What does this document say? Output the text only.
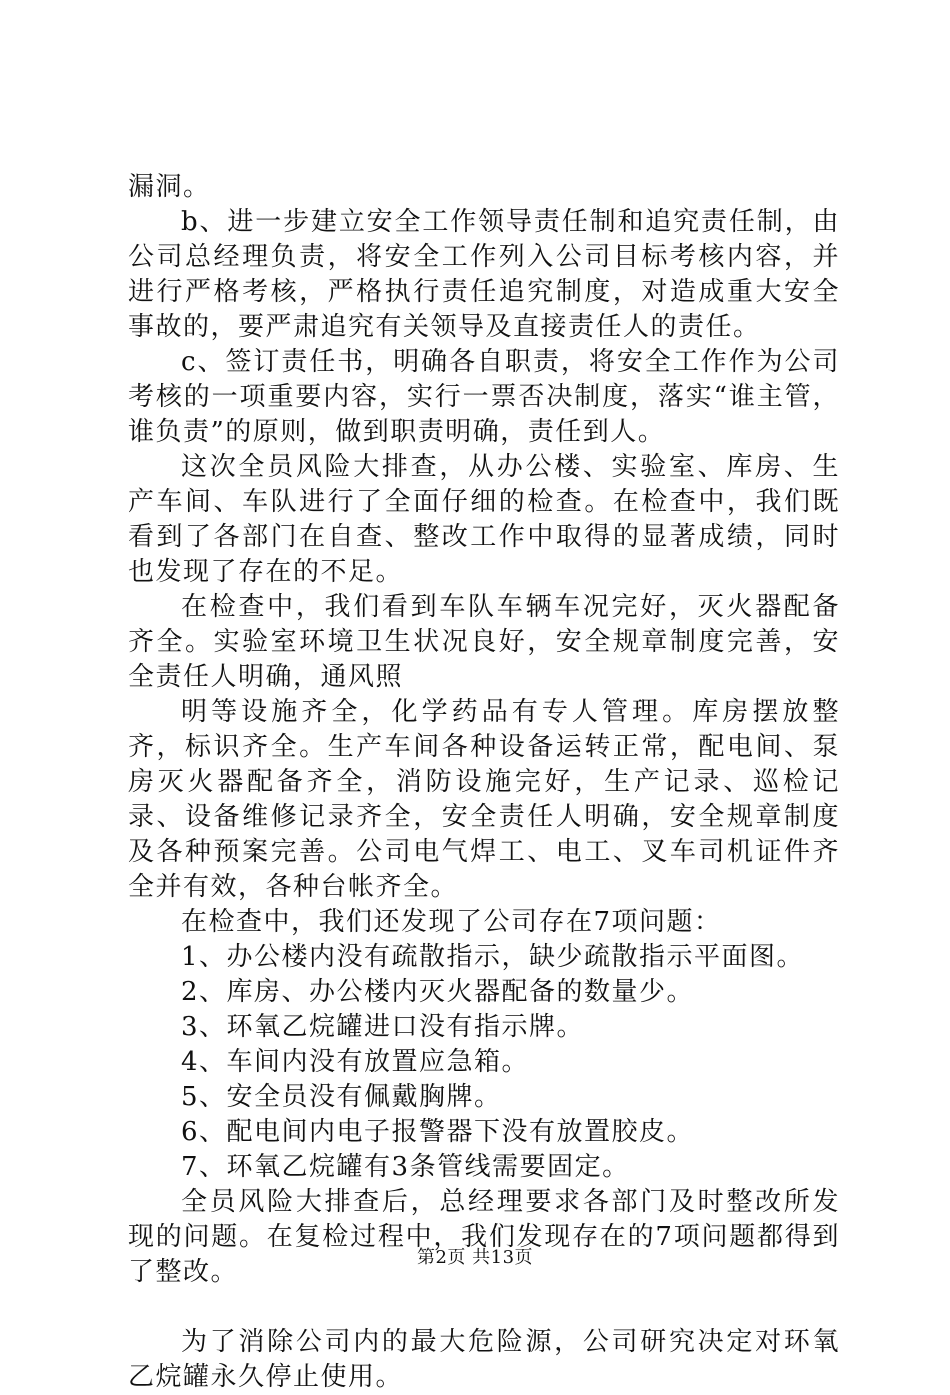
漏洞。

b、进一步建立安全工作领导责任制和追究责任制，由公司总经理负责，将安全工作列入公司目标考核内容，并进行严格考核，严格执行责任追究制度，对造成重大安全事故的，要严肃追究有关领导及直接责任人的责任。

c、签订责任书，明确各自职责，将安全工作作为公司考核的一项重要内容，实行一票否决制度，落实“谁主管，谁负责”的原则，做到职责明确，责任到人。

这次全员风险大排查，从办公楼、实验室、库房、生产车间、车队进行了全面仔细的检查。在检查中，我们既看到了各部门在自查、整改工作中取得的显著成绩，同时也发现了存在的不足。

在检查中，我们看到车队车辆车况完好，灭火器配备齐全。实验室环境卫生状况良好，安全规章制度完善，安全责任人明确，通风照

明等设施齐全，化学药品有专人管理。库房摆放整齐，标识齐全。生产车间各种设备运转正常，配电间、泵房灭火器配备齐全，消防设施完好，生产记录、巡检记录、设备维修记录齐全，安全责任人明确，安全规章制度及各种预案完善。公司电气焊工、电工、叉车司机证件齐全并有效，各种台帐齐全。

在检查中，我们还发现了公司存在7项问题：

1、办公楼内没有疏散指示，缺少疏散指示平面图。

2、库房、办公楼内灭火器配备的数量少。

3、环氧乙烷罐进口没有指示牌。

4、车间内没有放置应急箱。

5、安全员没有佩戴胸牌。

6、配电间内电子报警器下没有放置胶皮。

7、环氧乙烷罐有3条管线需要固定。

全员风险大排查后，总经理要求各部门及时整改所发现的问题。在复检过程中，我们发现存在的7项问题都得到了整改。

为了消除公司内的最大危险源，公司研究决定对环氧乙烷罐永久停止使用。

第2页 共13页
